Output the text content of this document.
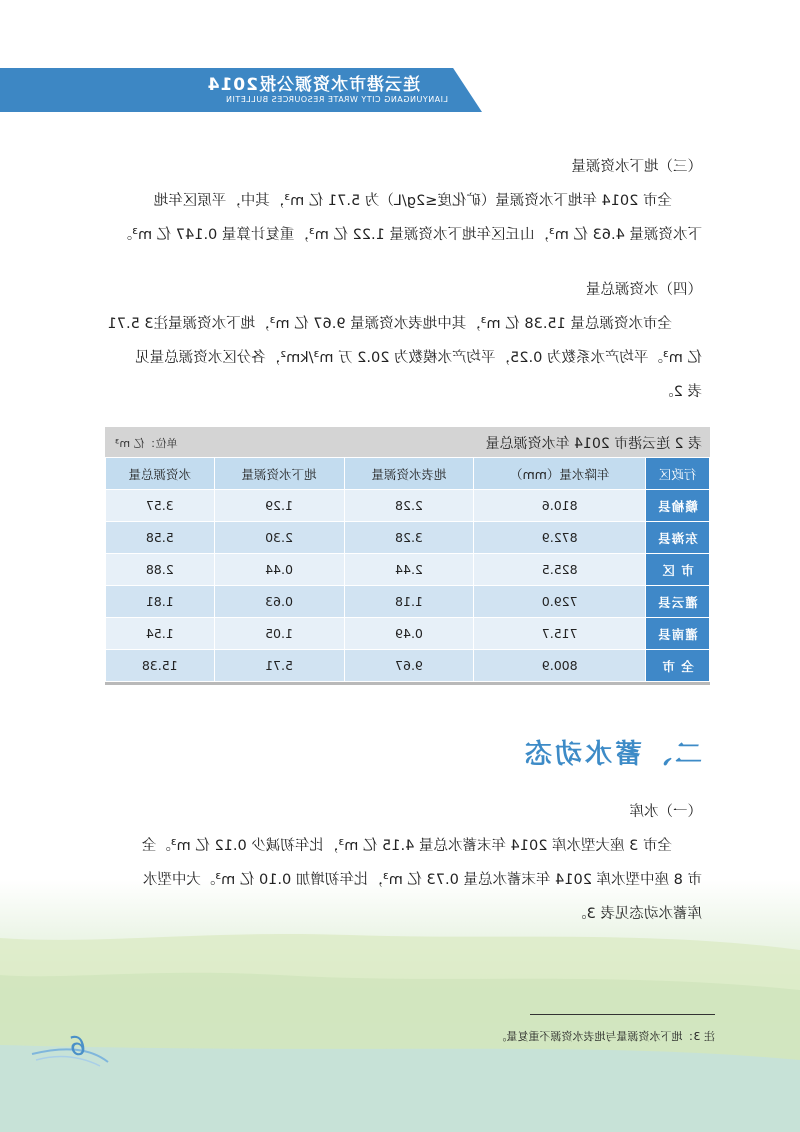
连云港市水资源公报2014
LIANYUNGANG CITY WRATE RESOURCES BULLETIN
（三）地下水资源量
全市 2014 年地下水资源量（矿化度≤2g/L）为 5.71 亿 m³，其中，平原区年地
下水资源量 4.63 亿 m³，山丘区年地下水资源量 1.22 亿 m³，重复计算量 0.147 亿 m³。
（四）水资源总量
全市水资源总量 15.38 亿 m³，其中地表水资源量 9.67 亿 m³，地下水资源量注3 5.71
亿 m³。平均产水系数为 0.25，平均产水模数为 20.2 万 m³/km²，各分区水资源总量见
表 2。
表 2 连云港市 2014 年水资源总量
单位：亿 m³
行政区	年降水量（mm）	地表水资源量	地下水资源量	水资源总量
赣榆县	810.6	2.28	1.29	3.57
东海县	872.9	3.28	2.30	5.58
市 区	825.5	2.44	0.44	2.88
灌云县	729.0	1.18	0.63	1.81
灌南县	715.7	0.49	1.05	1.54
全 市	800.9	9.67	5.71	15.38
二、蓄水动态
（一）水库
全市 3 座大型水库 2014 年末蓄水总量 4.15 亿 m³，比年初减少 0.12 亿 m³。全
市 8 座中型水库 2014 年末蓄水总量 0.73 亿 m³，比年初增加 0.10 亿 m³。大中型水
库蓄水动态见表 3。
注 3：地下水资源量与地表水资源不重复量。
6
